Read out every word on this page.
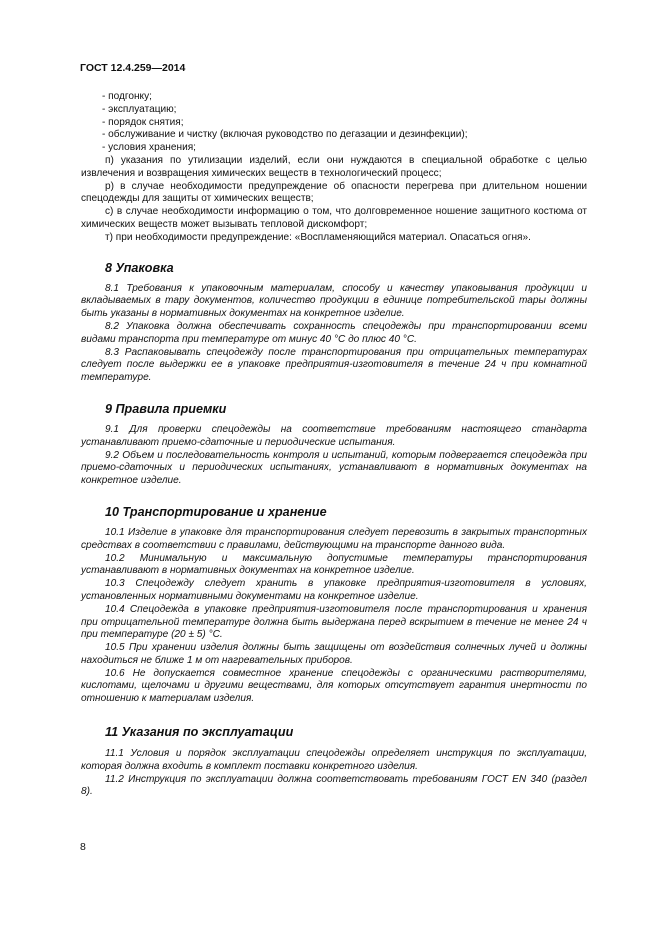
ГОСТ 12.4.259—2014

- подгонку;

- эксплуатацию;

- порядок снятия;

- обслуживание и чистку (включая руководство по дегазации и дезинфекции);

- условия хранения;

п) указания по утилизации изделий, если они нуждаются в специальной обработке с целью извлечения и возвращения химических веществ в технологический процесс;

р) в случае необходимости предупреждение об опасности перегрева при длительном ношении спецодежды для защиты от химических веществ;

с) в случае необходимости информацию о том, что долговременное ношение защитного костюма от химических веществ может вызывать тепловой дискомфорт;

т) при необходимости предупреждение: «Воспламеняющийся материал. Опасаться огня».

8 Упаковка

8.1 Требования к упаковочным материалам, способу и качеству упаковывания продукции и вкладываемых в тару документов, количество продукции в единице потребительской тары должны быть указаны в нормативных документах на конкретное изделие.

8.2 Упаковка должна обеспечивать сохранность спецодежды при транспортировании всеми видами транспорта при температуре от минус 40 °С до плюс 40 °С.

8.3 Распаковывать спецодежду после транспортирования при отрицательных температурах следует после выдержки ее в упаковке предприятия-изготовителя в течение 24 ч при комнатной температуре.

9 Правила приемки

9.1 Для проверки спецодежды на соответствие требованиям настоящего стандарта устанавливают приемо-сдаточные и периодические испытания.

9.2 Объем и последовательность контроля и испытаний, которым подвергается спецодежда при приемо-сдаточных и периодических испытаниях, устанавливают в нормативных документах на конкретное изделие.

10 Транспортирование и хранение

10.1 Изделие в упаковке для транспортирования следует перевозить в закрытых транспортных средствах в соответствии с правилами, действующими на транспорте данного вида.

10.2 Минимальную и максимальную допустимые температуры транспортирования устанавливают в нормативных документах на конкретное изделие.

10.3 Спецодежду следует хранить в упаковке предприятия-изготовителя в условиях, установленных нормативными документами на конкретное изделие.

10.4 Спецодежда в упаковке предприятия-изготовителя после транспортирования и хранения при отрицательной температуре должна быть выдержана перед вскрытием в течение не менее 24 ч при температуре (20 ± 5) °С.

10.5 При хранении изделия должны быть защищены от воздействия солнечных лучей и должны находиться не ближе 1 м от нагревательных приборов.

10.6 Не допускается совместное хранение спецодежды с органическими растворителями, кислотами, щелочами и другими веществами, для которых отсутствует гарантия инертности по отношению к материалам изделия.

11 Указания по эксплуатации

11.1 Условия и порядок эксплуатации спецодежды определяет инструкция по эксплуатации, которая должна входить в комплект поставки конкретного изделия.

11.2 Инструкция по эксплуатации должна соответствовать требованиям ГОСТ EN 340 (раздел 8).

8
